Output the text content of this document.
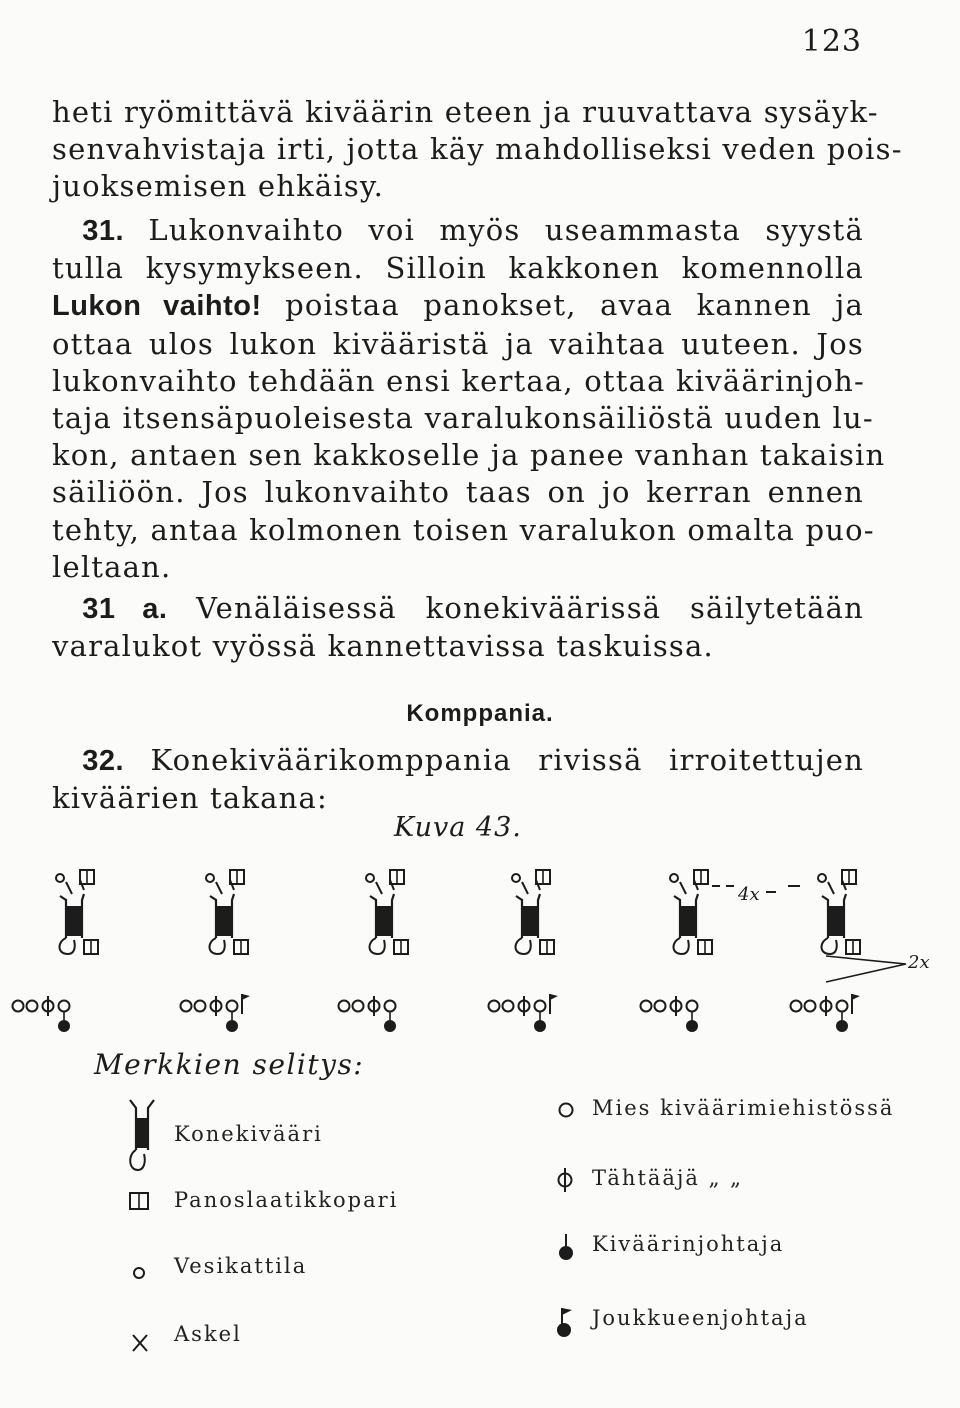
123

heti ryömittävä kiväärin eteen ja ruuvattava sysäyk-
senvahvistaja irti, jotta käy mahdolliseksi veden pois-
juoksemisen ehkäisy.

 31. Lukonvaihto voi myös useammasta syystä
tulla kysymykseen. Silloin kakkonen komennolla
Lukon vaihto! poistaa panokset, avaa kannen ja
ottaa ulos lukon kivääristä ja vaihtaa uuteen. Jos
lukonvaihto tehdään ensi kertaa, ottaa kiväärinjoh-
taja itsensäpuoleisesta varalukonsäiliöstä uuden lu-
kon, antaen sen kakkoselle ja panee vanhan takaisin
säiliöön. Jos lukonvaihto taas on jo kerran ennen
tehty, antaa kolmonen toisen varalukon omalta puo-
leltaan.

 31 a. Venäläisessä konekiväärissä säilytetään
varalukot vyössä kannettavissa taskuissa.

Komppania.

 32. Konekiväärikomppania rivissä irroitettujen
kiväärien takana:

Kuva 43.
4x
2x
Merkkien selitys:
Konekivääri
Panoslaatikkopari
Vesikattila
Askel
Mies kiväärimiehistössä
Tähtääjä „ „
Kiväärinjohtaja
Joukkueenjohtaja
